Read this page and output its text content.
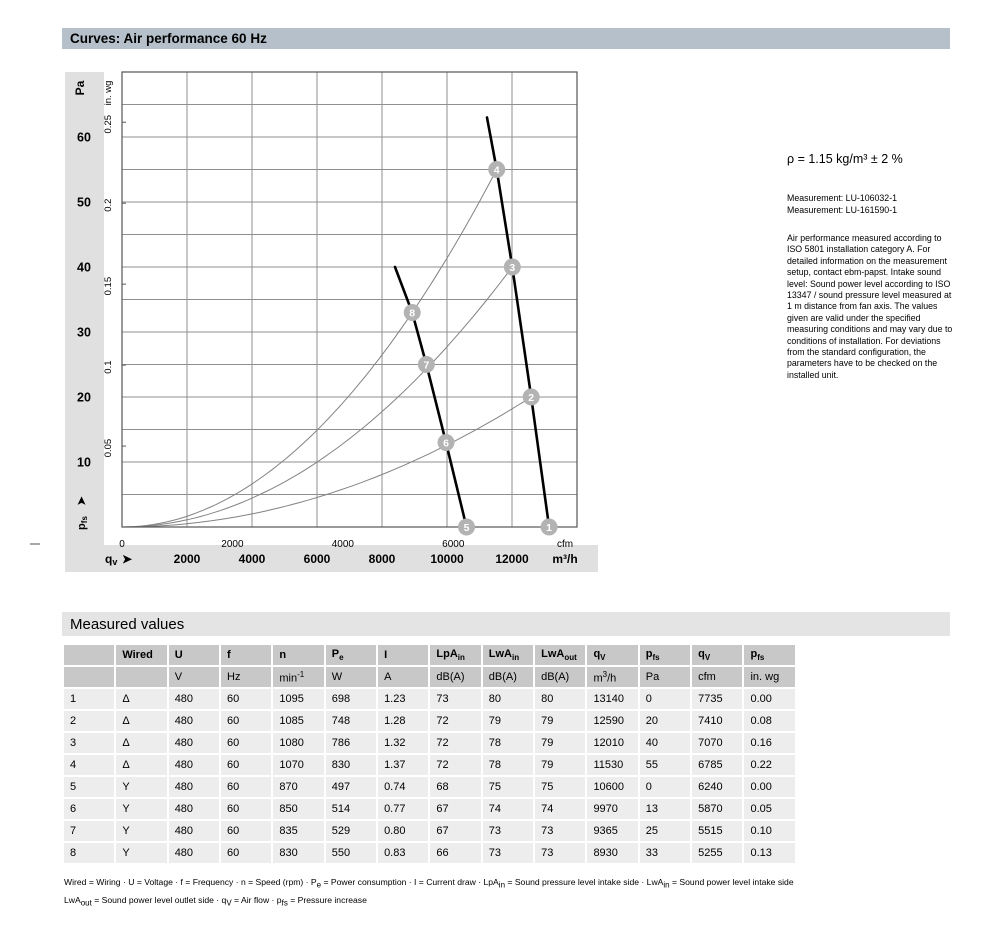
Curves: Air performance 60 Hz
1
2
3
4
5
6
7
8
Pa
60
50
40
30
20
10
➤
pfs
in. wg
0.25
0.2
0.15
0.1
0.05
0	2000	4000	6000	cfm
qv ➤	2000	4000	6000	8000	10000	12000 m³/h
ρ = 1.15 kg/m³ ± 2 %
Measurement: LU-106032-1
Measurement: LU-161590-1
Air performance measured according to ISO 5801 installation category A. For detailed information on the measurement setup, contact ebm-papst. Intake sound level: Sound power level according to ISO 13347 / sound pressure level measured at 1 m distance from fan axis. The values given are valid under the specified measuring conditions and may vary due to conditions of installation. For deviations from the standard configuration, the parameters have to be checked on the installed unit.
Measured values
	Wired	U	f	n	$P_e$	I	LpA$_{in}$	LwA$_{in}$	LwA$_{out}$	$q_V$	$p_{fs}$	$q_V$	$p_{fs}$
		V	Hz	$\min^{-1}$	W	A	dB(A)	dB(A)	dB(A)	$m^3/h$	Pa	cfm	in. wg
1	Δ	480	60	1095	698	1.23	73	80	80	13140	0	7735	0.00
2	Δ	480	60	1085	748	1.28	72	79	79	12590	20	7410	0.08
3	Δ	480	60	1080	786	1.32	72	78	79	12010	40	7070	0.16
4	Δ	480	60	1070	830	1.37	72	78	79	11530	55	6785	0.22
5	Y	480	60	870	497	0.74	68	75	75	10600	0	6240	0.00
6	Y	480	60	850	514	0.77	67	74	74	9970	13	5870	0.05
7	Y	480	60	835	529	0.80	67	73	73	9365	25	5515	0.10
8	Y	480	60	830	550	0.83	66	73	73	8930	33	5255	0.13
Wired = Wiring · U = Voltage · f = Frequency · n = Speed $(rpm) \cdot P_e$ = Power consumption · I = Current draw · LpA$_{in}$ = Sound pressure level intake side · LwA$_{in}$ = Sound power level intake side
LwA$_{out}$ = Sound power level outlet side · $q_V$ = Air flow · $p_{fs}$ = Pressure increase
